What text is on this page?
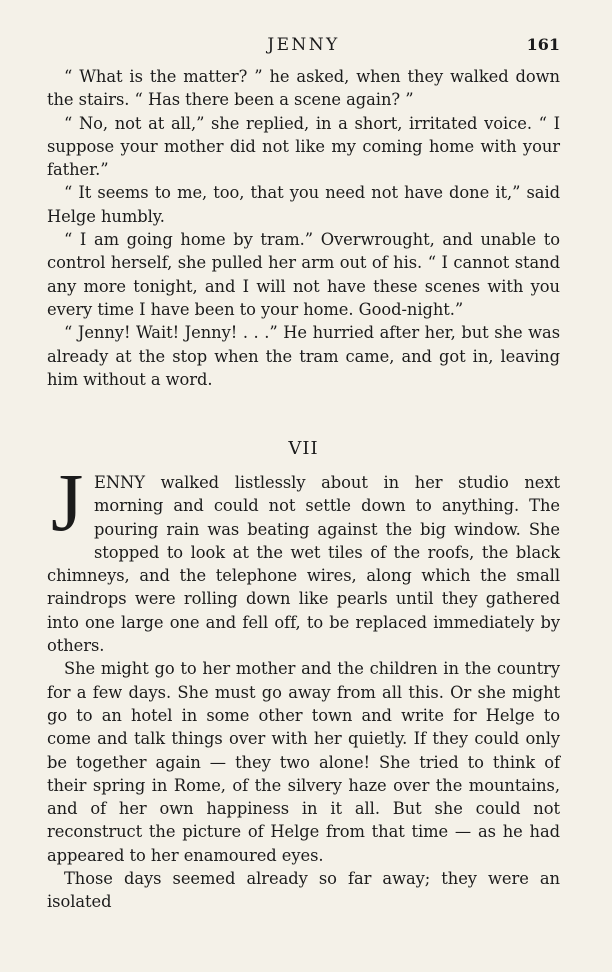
JENNY	161

“ What is the matter? ” he asked, when they walked down the stairs. “ Has there been a scene again? ”

“ No, not at all,” she replied, in a short, irritated voice. “ I suppose your mother did not like my coming home with your father.”

“ It seems to me, too, that you need not have done it,” said Helge humbly.

“ I am going home by tram.” Overwrought, and unable to control herself, she pulled her arm out of his. “ I cannot stand any more tonight, and I will not have these scenes with you every time I have been to your home. Good-night.”

“ Jenny! Wait! Jenny! . . .” He hurried after her, but she was already at the stop when the tram came, and got in, leaving him without a word.

VII

J ENNY walked listlessly about in her studio next morning and could not settle down to anything. The pouring rain was beating against the big window. She stopped to look at the wet tiles of the roofs, the black chimneys, and the telephone wires, along which the small raindrops were rolling down like pearls until they gathered into one large one and fell off, to be replaced immediately by others.

She might go to her mother and the children in the country for a few days. She must go away from all this. Or she might go to an hotel in some other town and write for Helge to come and talk things over with her quietly. If they could only be together again — they two alone! She tried to think of their spring in Rome, of the silvery haze over the mountains, and of her own happiness in it all. But she could not reconstruct the picture of Helge from that time — as he had appeared to her enamoured eyes.

Those days seemed already so far away; they were an isolated
